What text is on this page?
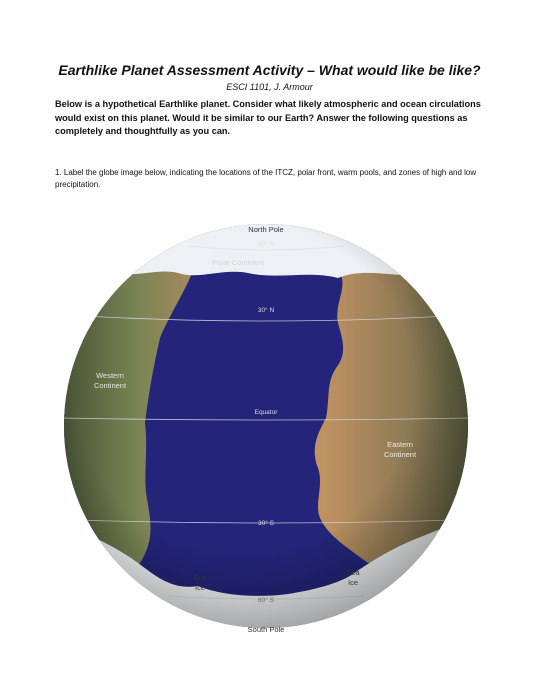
Earthlike Planet Assessment Activity – What would like be like?
ESCI 1101, J. Armour
Below is a hypothetical Earthlike planet. Consider what likely atmospheric and ocean circulations would exist on this planet. Would it be similar to our Earth? Answer the following questions as completely and thoughtfully as you can.
1. Label the globe image below, indicating the locations of the ITCZ, polar front, warm pools, and zones of high and low precipitation.
North Pole
60° N
Polar Continent
30° N
Western
Continent
Equator
Eastern
Continent
30° S
Sea
Ice
Sea
Ice
60° S
South Pole
